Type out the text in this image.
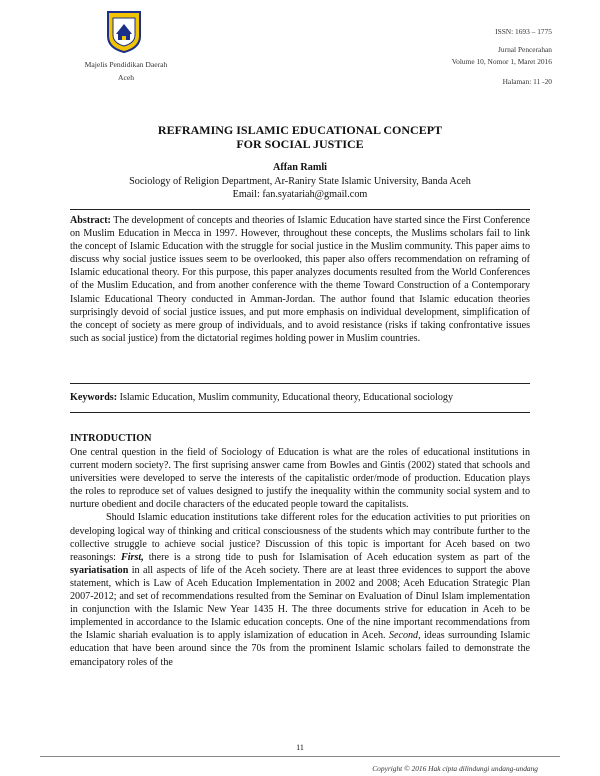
Majelis Pendidikan Daerah
Aceh
ISSN: 1693 – 1775
Jurnal Pencerahan
Volume 10, Nomor 1, Maret 2016
Halaman: 11 -20
REFRAMING ISLAMIC EDUCATIONAL CONCEPT
FOR SOCIAL JUSTICE
Affan Ramli
Sociology of Religion Department, Ar-Raniry State Islamic University, Banda Aceh
Email: fan.syatariah@gmail.com
Abstract: The development of concepts and theories of Islamic Education have started since the First Conference on Muslim Education in Mecca in 1997. However, throughout these concepts, the Muslims scholars fail to link the concept of Islamic Education with the struggle for social justice in the Muslim community. This paper aims to discuss why social justice issues seem to be overlooked, this paper also offers recommendation on reframing of Islamic educational theory. For this purpose, this paper analyzes documents resulted from the World Conferences of the Muslim Education, and from another conference with the theme Toward Construction of a Contemporary Islamic Educational Theory conducted in Amman-Jordan. The author found that Islamic education theories surprisingly devoid of social justice issues, and put more emphasis on individual development, simplification of the concept of society as mere group of individuals, and to avoid resistance (risks if taking confrontative issues such as social justice) from the dictatorial regimes holding power in Muslim countries.
Keywords: Islamic Education, Muslim community, Educational theory, Educational sociology
INTRODUCTION

One central question in the field of Sociology of Education is what are the roles of educational institutions in current modern society?. The first suprising answer came from Bowles and Gintis (2002) stated that schools and universities were developed to serve the interests of the capitalistic order/mode of production. Education plays the roles to reproduce set of values designed to justify the inequality within the community social system and to nurture obedient and docile characters of the educated people toward the capitalists.

Should Islamic education institutions take different roles for the education activities to put priorities on developing logical way of thinking and critical consciousness of the students which may contribute further to the collective struggle to achieve social justice? Discussion of this topic is important for Aceh based on two reasonings: First, there is a strong tide to push for Islamisation of Aceh education system as part of the syariatisation in all aspects of life of the Aceh society. There are at least three evidences to support the above statement, which is Law of Aceh Education Implementation in 2002 and 2008; Aceh Education Strategic Plan 2007-2012; and set of recommendations resulted from the Seminar on Evaluation of Dinul Islam implementation in conjunction with the Islamic New Year 1435 H. The three documents strive for education in Aceh to be implemented in accordance to the Islamic education concepts. One of the nine important recommendations from the Islamic shariah evaluation is to apply islamization of education in Aceh. Second, ideas surrounding Islamic education that have been around since the 70s from the prominent Islamic scholars failed to demonstrate the emancipatory roles of the

11
Copyright © 2016 Hak cipta dilindungi undang-undang
